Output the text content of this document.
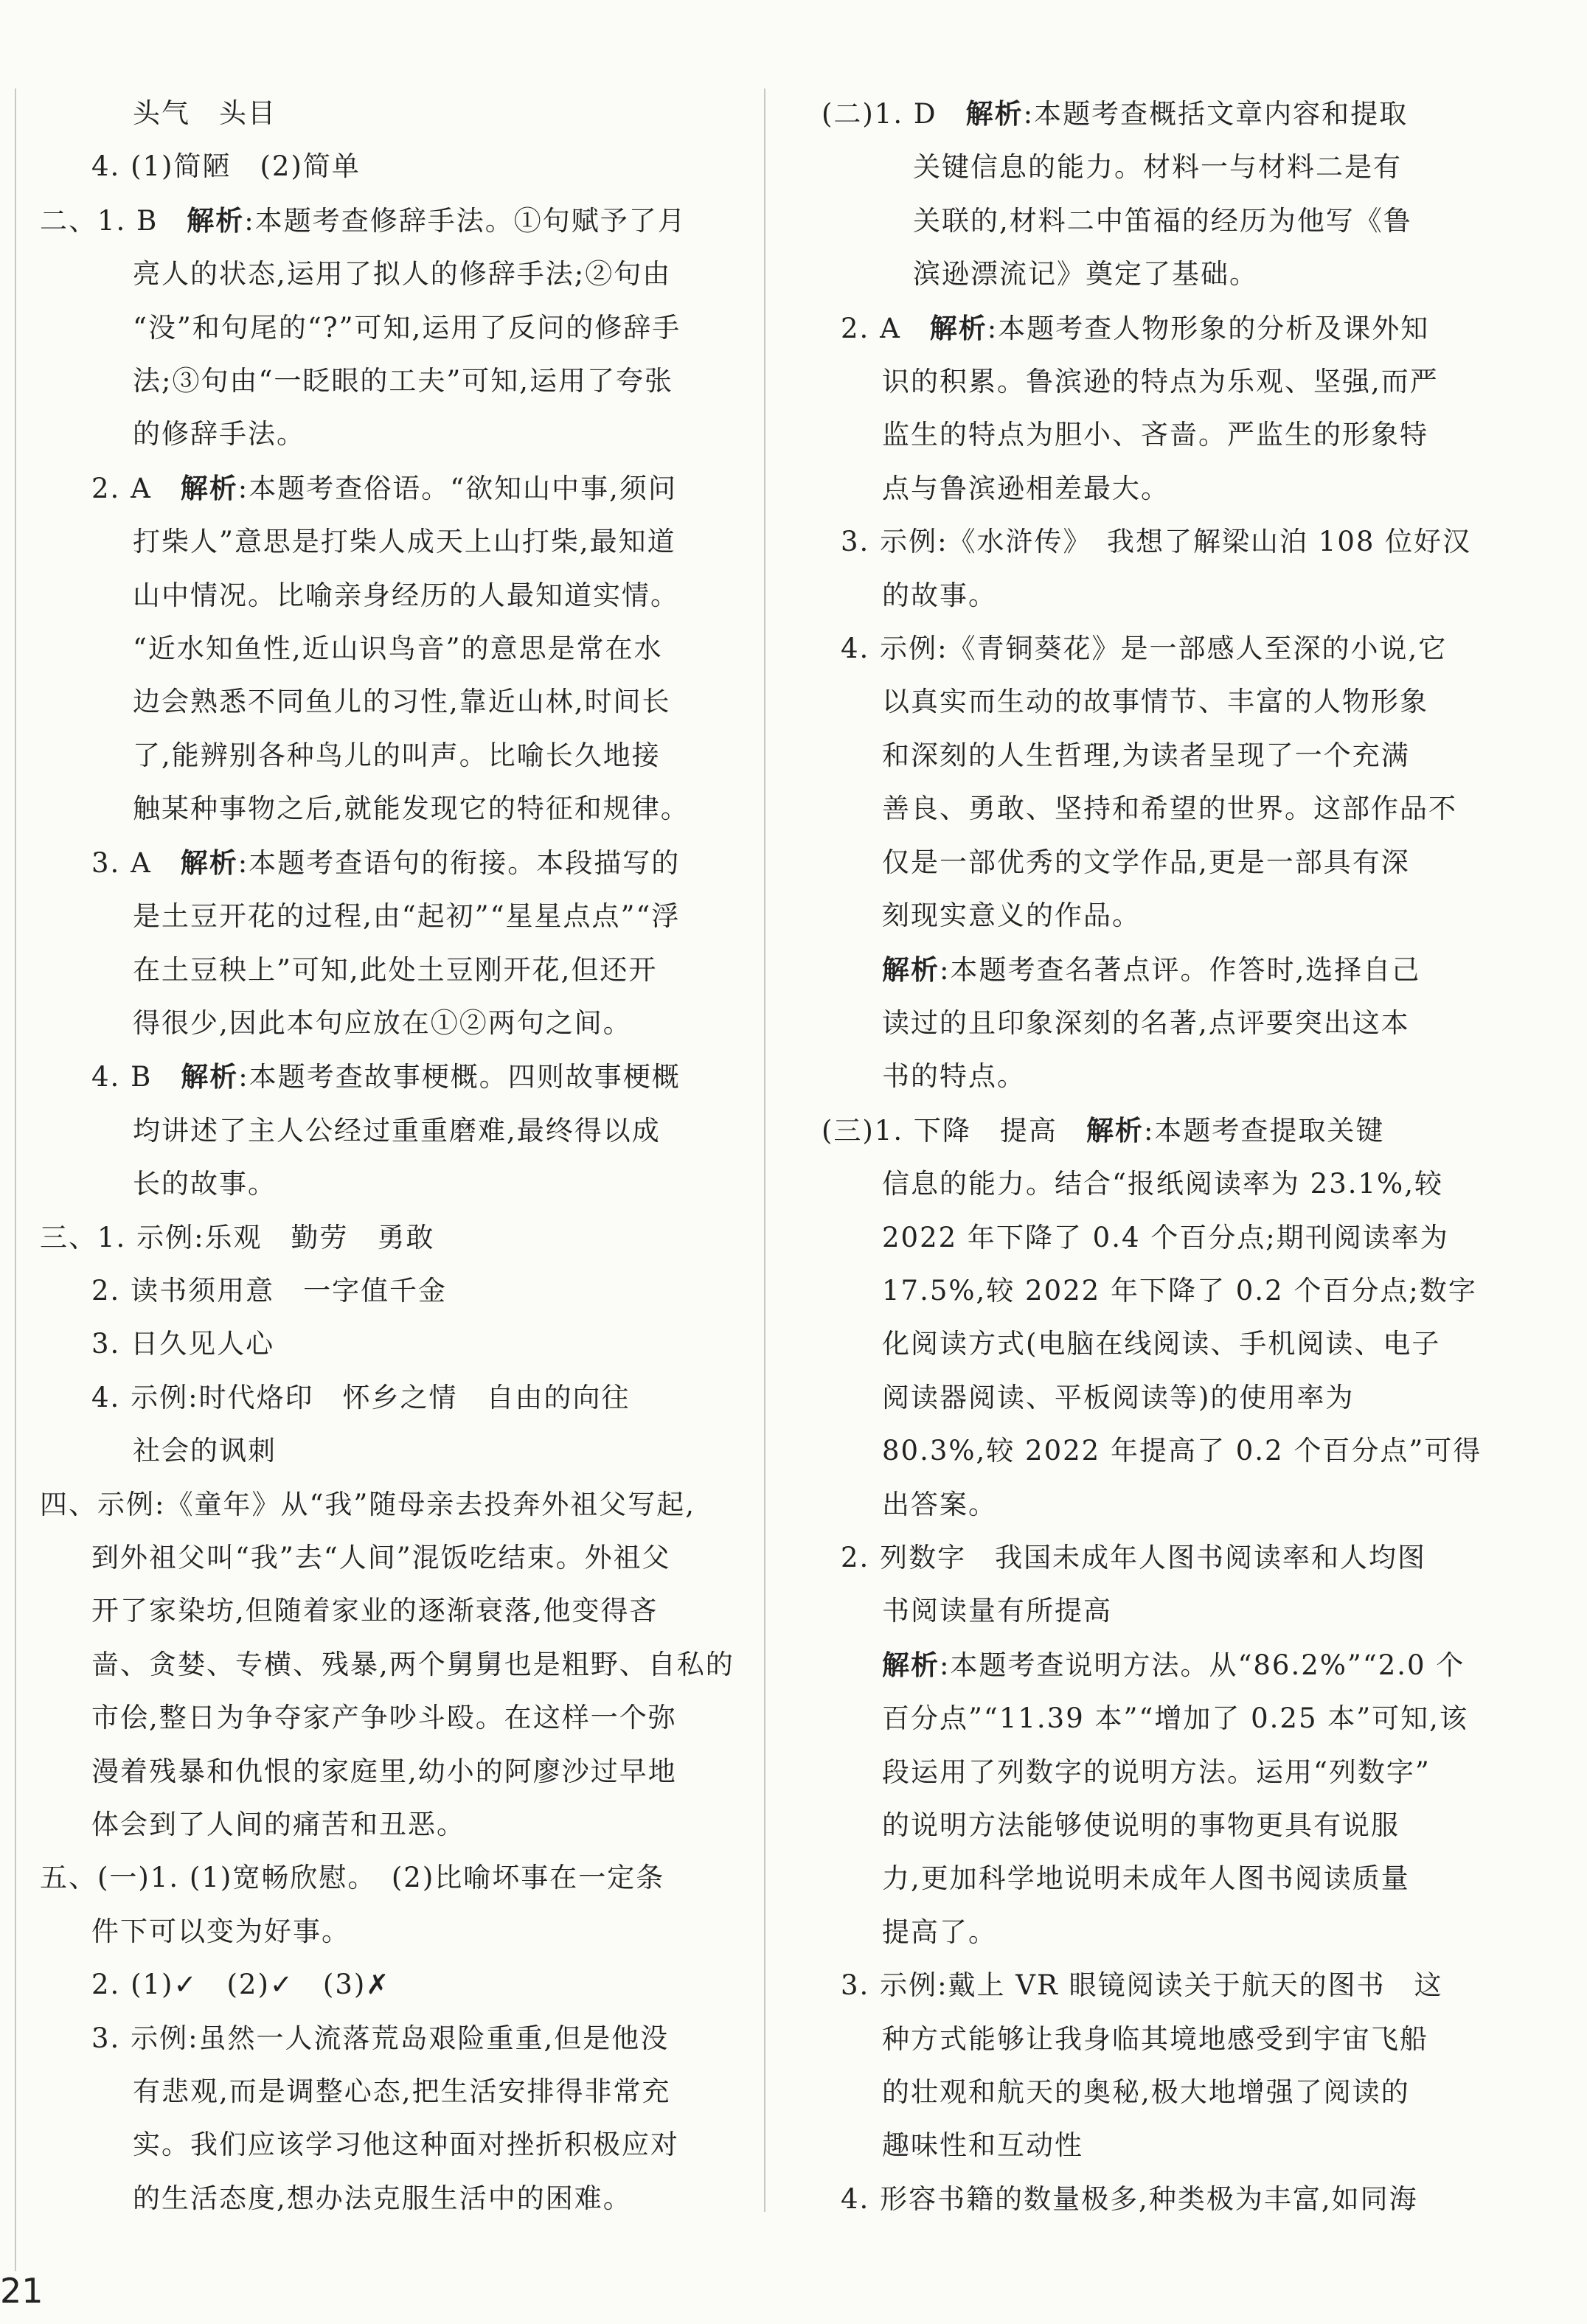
头气　头目

4. (1)简陋　(2)简单

二、1. B　解析:本题考查修辞手法。①句赋予了月

亮人的状态,运用了拟人的修辞手法;②句由

“没”和句尾的“?”可知,运用了反问的修辞手

法;③句由“一眨眼的工夫”可知,运用了夸张

的修辞手法。

2. A　解析:本题考查俗语。“欲知山中事,须问

打柴人”意思是打柴人成天上山打柴,最知道

山中情况。比喻亲身经历的人最知道实情。

“近水知鱼性,近山识鸟音”的意思是常在水

边会熟悉不同鱼儿的习性,靠近山林,时间长

了,能辨别各种鸟儿的叫声。比喻长久地接

触某种事物之后,就能发现它的特征和规律。

3. A　解析:本题考查语句的衔接。本段描写的

是土豆开花的过程,由“起初”“星星点点”“浮

在土豆秧上”可知,此处土豆刚开花,但还开

得很少,因此本句应放在①②两句之间。

4. B　解析:本题考查故事梗概。四则故事梗概

均讲述了主人公经过重重磨难,最终得以成

长的故事。

三、1. 示例:乐观　勤劳　勇敢

2. 读书须用意　一字值千金

3. 日久见人心

4. 示例:时代烙印　怀乡之情　自由的向往

社会的讽刺

四、示例:《童年》从“我”随母亲去投奔外祖父写起,

到外祖父叫“我”去“人间”混饭吃结束。外祖父

开了家染坊,但随着家业的逐渐衰落,他变得吝

啬、贪婪、专横、残暴,两个舅舅也是粗野、自私的

市侩,整日为争夺家产争吵斗殴。在这样一个弥

漫着残暴和仇恨的家庭里,幼小的阿廖沙过早地

体会到了人间的痛苦和丑恶。

五、(一)1. (1)宽畅欣慰。　(2)比喻坏事在一定条

件下可以变为好事。

2. (1)✓　(2)✓　(3)✗

3. 示例:虽然一人流落荒岛艰险重重,但是他没

有悲观,而是调整心态,把生活安排得非常充

实。我们应该学习他这种面对挫折积极应对

的生活态度,想办法克服生活中的困难。

(二)1. D　解析:本题考查概括文章内容和提取

关键信息的能力。材料一与材料二是有

关联的,材料二中笛福的经历为他写《鲁

滨逊漂流记》奠定了基础。

2. A　解析:本题考查人物形象的分析及课外知

识的积累。鲁滨逊的特点为乐观、坚强,而严

监生的特点为胆小、吝啬。严监生的形象特

点与鲁滨逊相差最大。

3. 示例:《水浒传》　我想了解梁山泊 108 位好汉

的故事。

4. 示例:《青铜葵花》是一部感人至深的小说,它

以真实而生动的故事情节、丰富的人物形象

和深刻的人生哲理,为读者呈现了一个充满

善良、勇敢、坚持和希望的世界。这部作品不

仅是一部优秀的文学作品,更是一部具有深

刻现实意义的作品。

解析:本题考查名著点评。作答时,选择自己

读过的且印象深刻的名著,点评要突出这本

书的特点。

(三)1. 下降　提高　解析:本题考查提取关键

信息的能力。结合“报纸阅读率为 23.1%,较

2022 年下降了 0.4 个百分点;期刊阅读率为

17.5%,较 2022 年下降了 0.2 个百分点;数字

化阅读方式(电脑在线阅读、手机阅读、电子

阅读器阅读、平板阅读等)的使用率为

80.3%,较 2022 年提高了 0.2 个百分点”可得

出答案。

2. 列数字　我国未成年人图书阅读率和人均图

书阅读量有所提高

解析:本题考查说明方法。从“86.2%”“2.0 个

百分点”“11.39 本”“增加了 0.25 本”可知,该

段运用了列数字的说明方法。运用“列数字”

的说明方法能够使说明的事物更具有说服

力,更加科学地说明未成年人图书阅读质量

提高了。

3. 示例:戴上 VR 眼镜阅读关于航天的图书　这

种方式能够让我身临其境地感受到宇宙飞船

的壮观和航天的奥秘,极大地增强了阅读的

趣味性和互动性

4. 形容书籍的数量极多,种类极为丰富,如同海

21
